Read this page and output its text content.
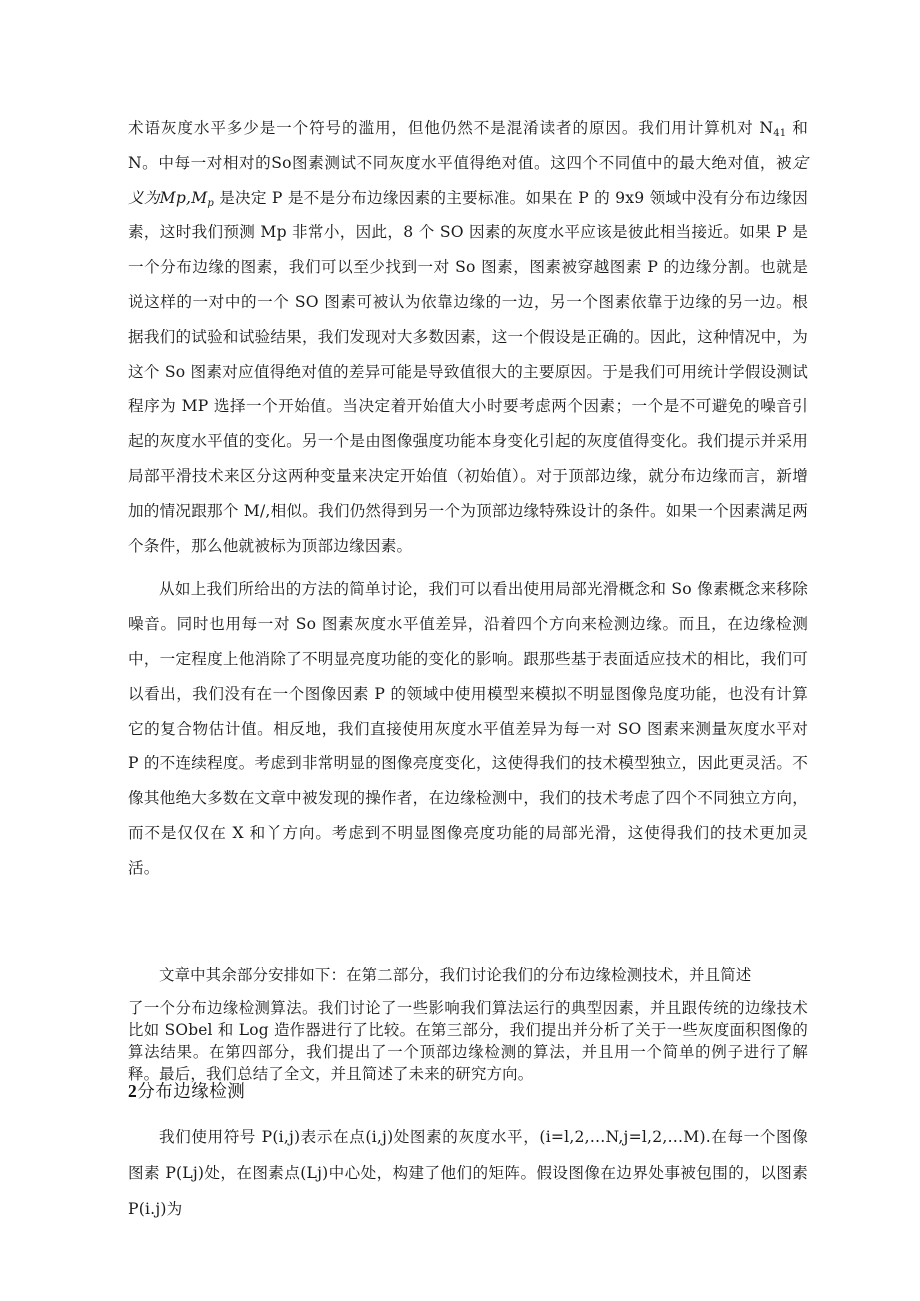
术语灰度水平多少是一个符号的滥用，但他仍然不是混淆读者的原因。我们用计算机对 $N_{41}$ 和 N。中每一对相对的So图素测试不同灰度水平值得绝对值。这四个不同值中的最大绝对值，被定义为$Mp,M_p$ 是决定 P 是不是分布边缘因素的主要标准。如果在 P 的 9x9 领域中没有分布边缘因素，这时我们预测 Mp 非常小，因此，8 个 SO 因素的灰度水平应该是彼此相当接近。如果 P 是一个分布边缘的图素，我们可以至少找到一对 So 图素，图素被穿越图素 P 的边缘分割。也就是说这样的一对中的一个 SO 图素可被认为依靠边缘的一边，另一个图素依靠于边缘的另一边。根据我们的试验和试验结果，我们发现对大多数因素，这一个假设是正确的。因此，这种情况中，为这个 So 图素对应值得绝对值的差异可能是导致值很大的主要原因。于是我们可用统计学假设测试程序为 MP 选择一个开始值。当决定着开始值大小时要考虑两个因素；一个是不可避免的噪音引起的灰度水平值的变化。另一个是由图像强度功能本身变化引起的灰度值得变化。我们提示并采用局部平滑技术来区分这两种变量来决定开始值（初始值）。对于顶部边缘，就分布边缘而言，新增加的情况跟那个 M/,相似。我们仍然得到另一个为顶部边缘特殊设计的条件。如果一个因素满足两个条件，那么他就被标为顶部边缘因素。

从如上我们所给出的方法的简单讨论，我们可以看出使用局部光滑概念和 So 像素概念来移除噪音。同时也用每一对 So 图素灰度水平值差异，沿着四个方向来检测边缘。而且，在边缘检测中，一定程度上他消除了不明显亮度功能的变化的影响。跟那些基于表面适应技术的相比，我们可以看出，我们没有在一个图像因素 P 的领域中使用模型来模拟不明显图像凫度功能，也没有计算它的复合物估计值。相反地，我们直接使用灰度水平值差异为每一对 SO 图素来测量灰度水平对 P 的不连续程度。考虑到非常明显的图像亮度变化，这使得我们的技术模型独立，因此更灵活。不像其他绝大多数在文章中被发现的操作者，在边缘检测中，我们的技术考虑了四个不同独立方向，而不是仅仅在 X 和丫方向。考虑到不明显图像亮度功能的局部光滑，这使得我们的技术更加灵活。

文章中其余部分安排如下：在第二部分，我们讨论我们的分布边缘检测技术，并且简述
了一个分布边缘检测算法。我们讨论了一些影响我们算法运行的典型因素，并且跟传统的边缘技术比如 SObel 和 Log 造作器进行了比较。在第三部分，我们提出并分析了关于一些灰度面积图像的算法结果。在第四部分，我们提出了一个顶部边缘检测的算法，并且用一个简单的例子进行了解释。最后，我们总结了全文，并且简述了未来的研究方向。

2分布边缘检测

我们使用符号 P(i,j)表示在点(i,j)处图素的灰度水平，(i=l,2,…N,j=l,2,…M).在每一个图像图素 P(Lj)处，在图素点(Lj)中心处，构建了他们的矩阵。假设图像在边界处事被包围的，以图素 P(i.j)为
